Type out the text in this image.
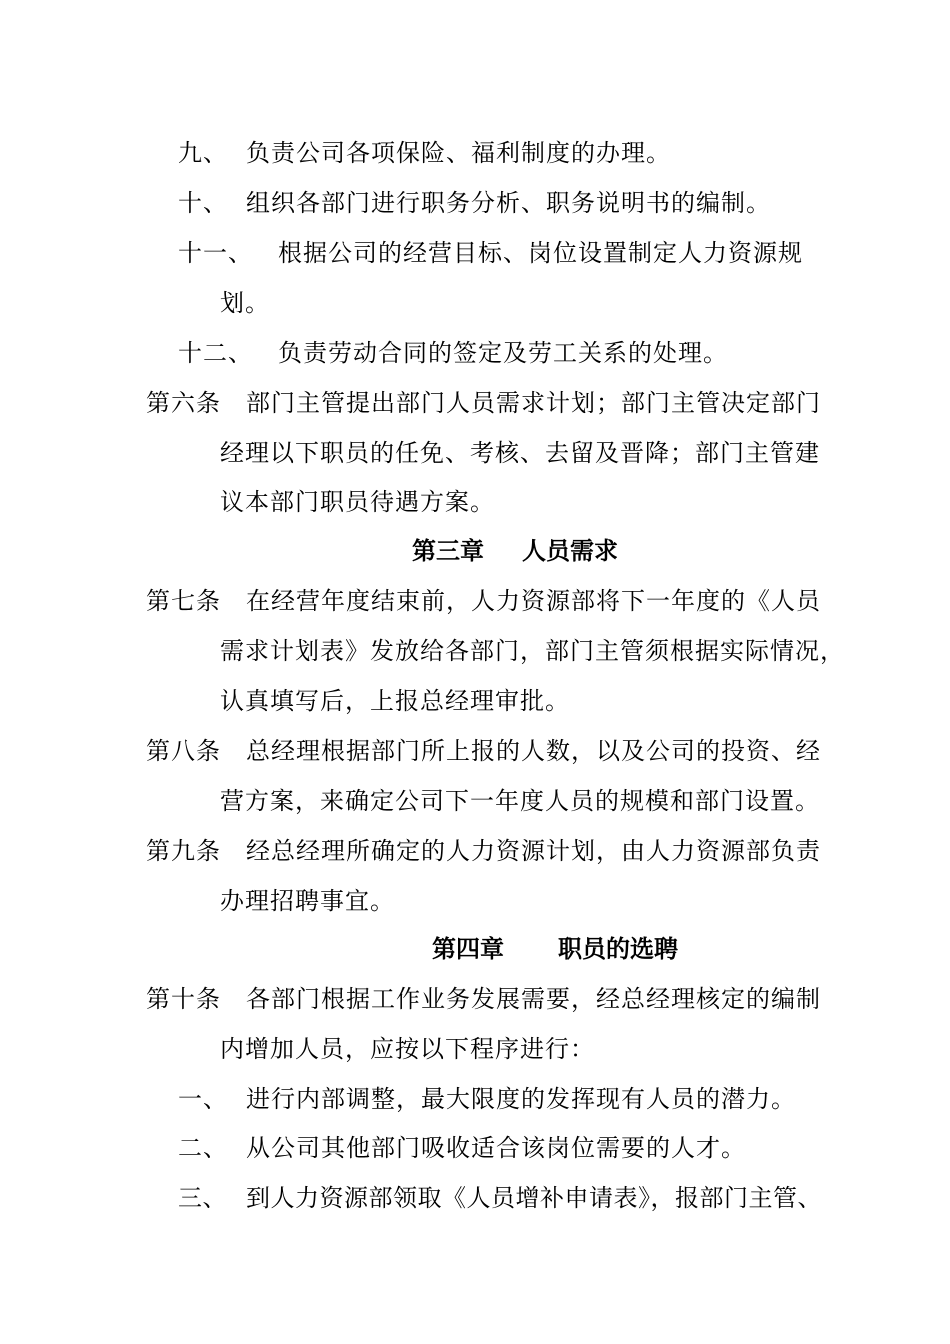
九、 负责公司各项保险、福利制度的办理。
十、 组织各部门进行职务分析、职务说明书的编制。
十一、 根据公司的经营目标、岗位设置制定人力资源规
划。
十二、 负责劳动合同的签定及劳工关系的处理。
第六条 部门主管提出部门人员需求计划；部门主管决定部门
经理以下职员的任免、考核、去留及晋降；部门主管建
议本部门职员待遇方案。
第三章 人员需求
第七条 在经营年度结束前，人力资源部将下一年度的《人员
需求计划表》发放给各部门，部门主管须根据实际情况，
认真填写后，上报总经理审批。
第八条 总经理根据部门所上报的人数，以及公司的投资、经
营方案，来确定公司下一年度人员的规模和部门设置。
第九条 经总经理所确定的人力资源计划，由人力资源部负责
办理招聘事宜。
第四章 职员的选聘
第十条 各部门根据工作业务发展需要，经总经理核定的编制
内增加人员，应按以下程序进行：
一、 进行内部调整，最大限度的发挥现有人员的潜力。
二、 从公司其他部门吸收适合该岗位需要的人才。
三、 到人力资源部领取《人员增补申请表》，报部门主管、
